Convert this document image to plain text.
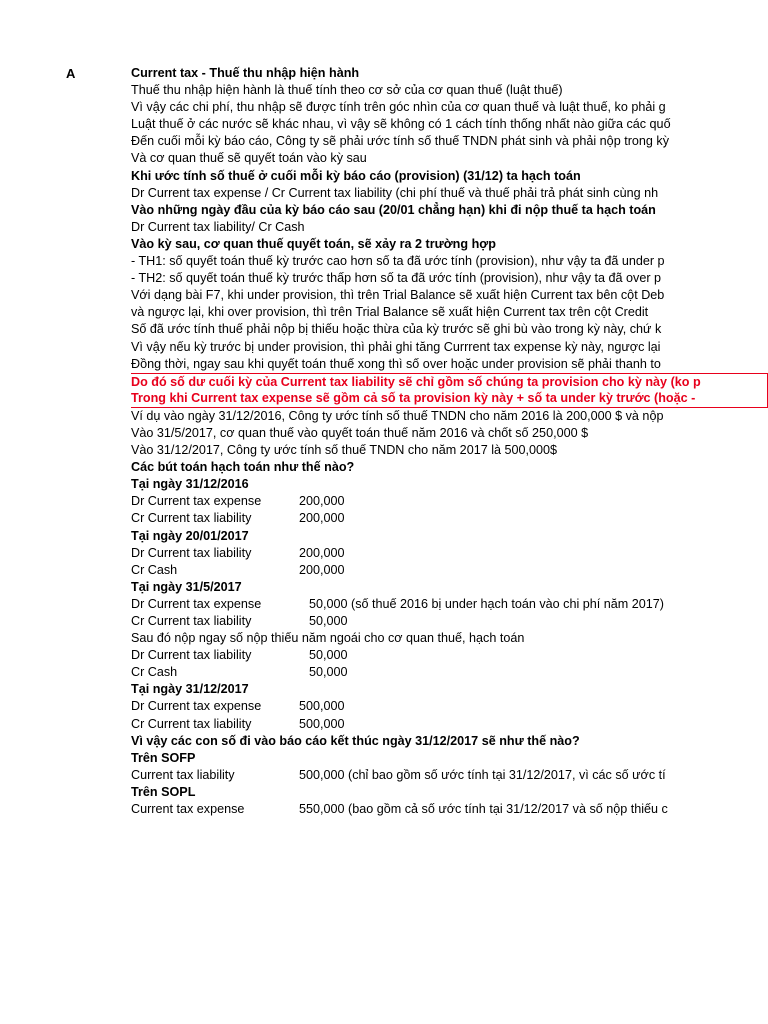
A	Current tax - Thuế thu nhập hiện hành
Thuế thu nhập hiện hành là thuế tính theo cơ sở của cơ quan thuế (luật thuế)
Vì vậy các chi phí, thu nhập sẽ được tính trên góc nhìn của cơ quan thuế và luật thuế, ko phải g
Luật thuế ở các nước sẽ khác nhau, vì vậy sẽ không có 1 cách tính thống nhất nào giữa các quố
Đến cuối mỗi kỳ báo cáo, Công ty sẽ phải ước tính số thuế TNDN phát sinh và phải nộp trong kỳ
Và cơ quan thuế sẽ quyết toán vào kỳ sau
Khi ước tính số thuế ở cuối mỗi kỳ báo cáo (provision) (31/12) ta hạch toán
Dr Current tax expense / Cr Current tax liability (chi phí thuế và thuế phải trả phát sinh cùng nh
Vào những ngày đầu của kỳ báo cáo sau (20/01 chẳng hạn) khi đi nộp thuế ta hạch toán
Dr Current tax liability/ Cr Cash
Vào kỳ sau, cơ quan thuế quyết toán, sẽ xảy ra 2 trường hợp
- TH1: số quyết toán thuế kỳ trước cao hơn số ta đã ước tính (provision), như vậy ta đã under p
- TH2: số quyết toán thuế kỳ trước thấp hơn số ta đã ước tính (provision), như vậy ta đã over p
Với dạng bài F7, khi under provision, thì trên Trial Balance sẽ xuất hiện Current tax bên cột Deb
và ngược lại, khi over provision, thì trên Trial Balance sẽ xuất hiện Current tax trên cột Credit
Số đã ước tính thuế phải nộp bị thiếu hoặc thừa của kỳ trước sẽ ghi bù vào trong kỳ này, chứ k
Vì vậy nếu kỳ trước bị under provision, thì phải ghi tăng Currrent tax expense kỳ này, ngược lại
Đồng thời, ngay sau khi quyết toán thuế xong thì số over hoặc under provision sẽ phải thanh to
Do đó số dư cuối kỳ của Current tax liability sẽ chỉ gồm số chúng ta provision cho kỳ này (ko p
Trong khi Current tax expense sẽ gồm cả số ta provision kỳ này + số ta under kỳ trước (hoặc -
Ví dụ vào ngày 31/12/2016, Công ty ước tính số thuế TNDN cho năm 2016 là 200,000 $ và nộp
Vào 31/5/2017, cơ quan thuế vào quyết toán thuế năm 2016 và chốt số 250,000 $
Vào 31/12/2017, Công ty ước tính số thuế TNDN cho năm 2017 là 500,000$
Các bút toán hạch toán như thế nào?
Tại ngày 31/12/2016
Dr Current tax expense	200,000
Cr Current tax liability	200,000
Tại ngày 20/01/2017
Dr Current tax liability	200,000
Cr Cash	200,000
Tại ngày 31/5/2017
Dr Current tax expense	50,000 (số thuế 2016 bị under hạch toán vào chi phí năm 2017)
Cr Current tax liability	50,000
Sau đó nộp ngay số nộp thiếu năm ngoái cho cơ quan thuế, hạch toán
Dr Current tax liability	50,000
Cr Cash	50,000
Tại ngày 31/12/2017
Dr Current tax expense	500,000
Cr Current tax liability	500,000
Vì vậy các con số đi vào báo cáo kết thúc ngày 31/12/2017 sẽ như thế nào?
Trên SOFP
Current tax liability	500,000 (chỉ bao gồm số ước tính tại 31/12/2017, vì các số ước tí
Trên SOPL
Current tax expense	550,000 (bao gồm cả số ước tính tại 31/12/2017 và số nộp thiếu c
